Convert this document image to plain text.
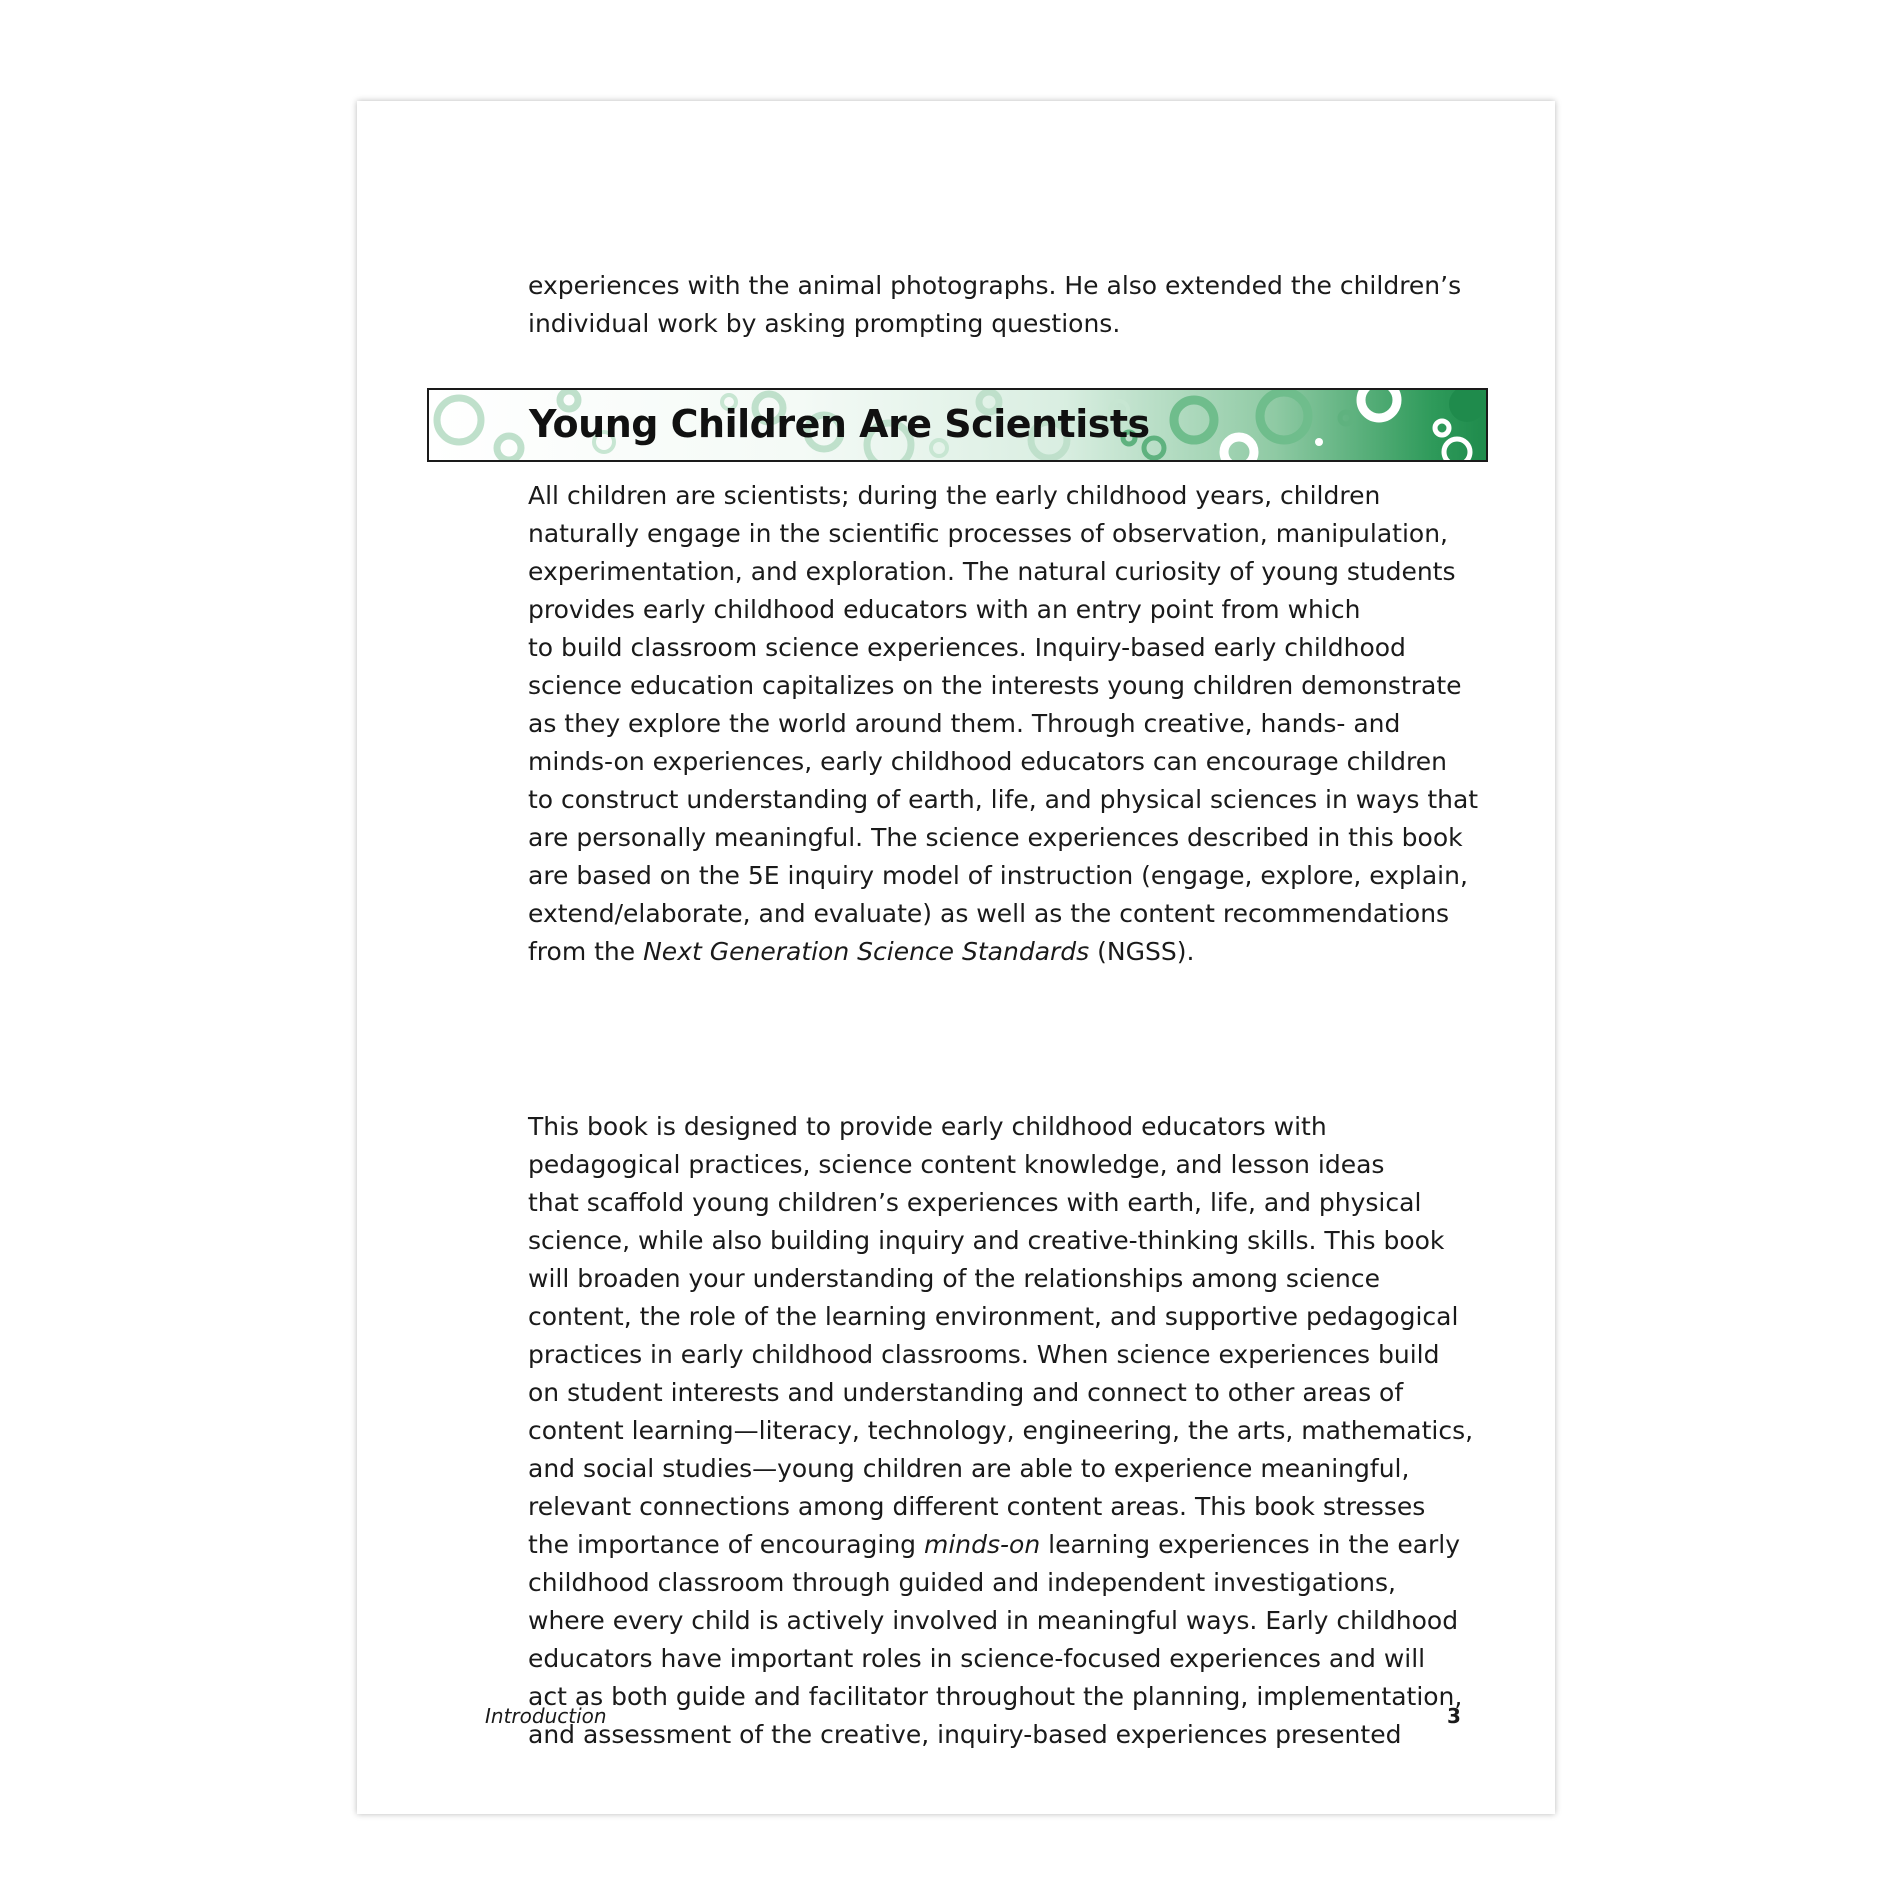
experiences with the animal photographs. He also extended the children’s
individual work by asking prompting questions.
Young Children Are Scientists
All children are scientists; during the early childhood years, children
naturally engage in the scientific processes of observation, manipulation,
experimentation, and exploration. The natural curiosity of young students
provides early childhood educators with an entry point from which
to build classroom science experiences. Inquiry-based early childhood
science education capitalizes on the interests young children demonstrate
as they explore the world around them. Through creative, hands- and
minds-on experiences, early childhood educators can encourage children
to construct understanding of earth, life, and physical sciences in ways that
are personally meaningful. The science experiences described in this book
are based on the 5E inquiry model of instruction (engage, explore, explain,
extend/elaborate, and evaluate) as well as the content recommendations
from the Next Generation Science Standards (NGSS).
This book is designed to provide early childhood educators with
pedagogical practices, science content knowledge, and lesson ideas
that scaffold young children’s experiences with earth, life, and physical
science, while also building inquiry and creative-thinking skills. This book
will broaden your understanding of the relationships among science
content, the role of the learning environment, and supportive pedagogical
practices in early childhood classrooms. When science experiences build
on student interests and understanding and connect to other areas of
content learning—literacy, technology, engineering, the arts, mathematics,
and social studies—young children are able to experience meaningful,
relevant connections among different content areas. This book stresses
the importance of encouraging minds-on learning experiences in the early
childhood classroom through guided and independent investigations,
where every child is actively involved in meaningful ways. Early childhood
educators have important roles in science-focused experiences and will
act as both guide and facilitator throughout the planning, implementation,
and assessment of the creative, inquiry-based experiences presented
Introduction	3
